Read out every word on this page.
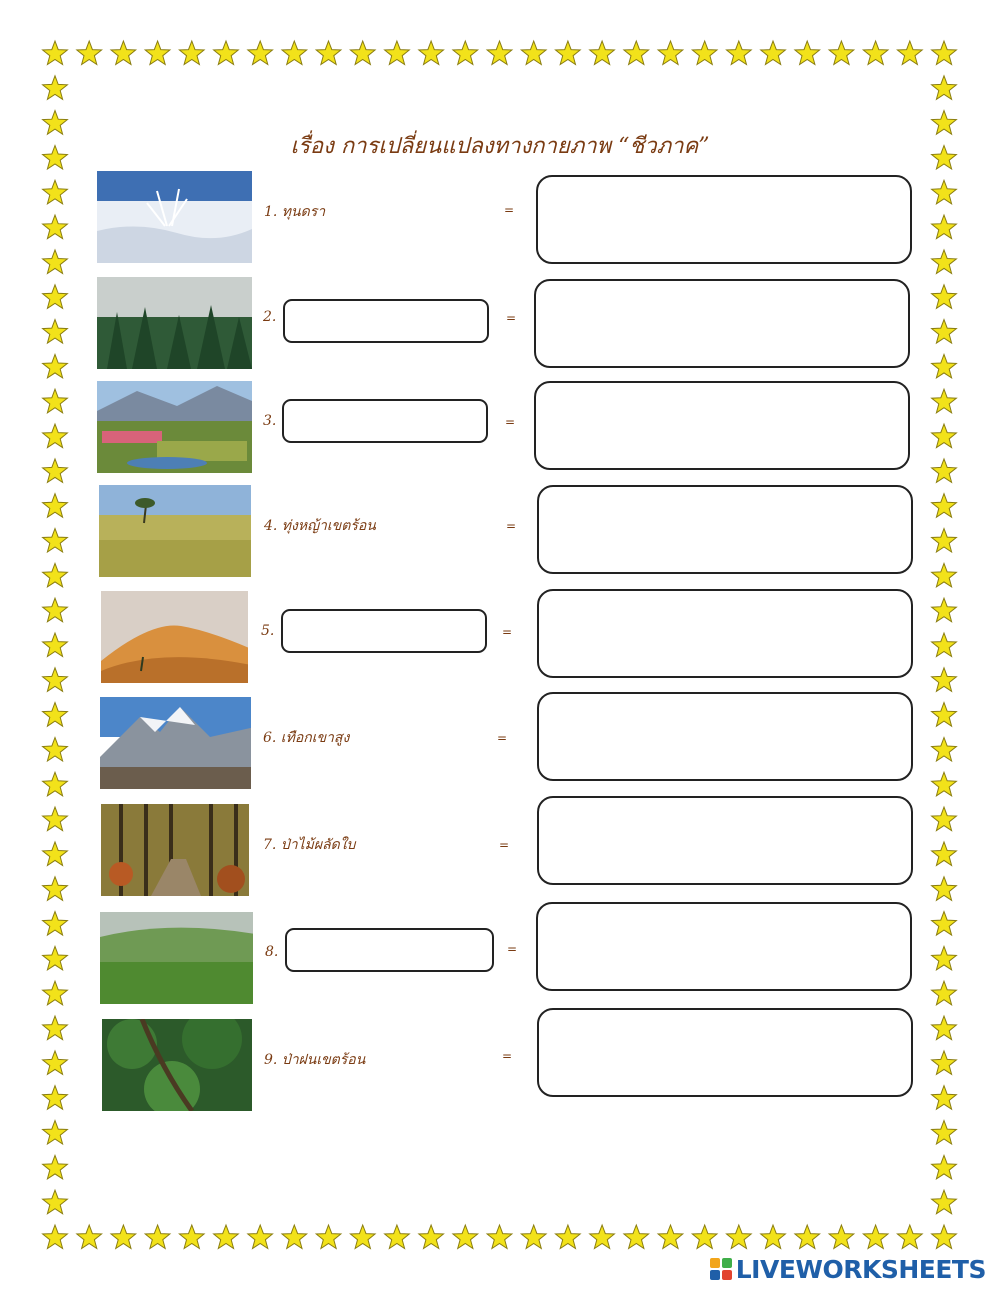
เรื่อง การเปลี่ยนแปลงทางกายภาพ “ชีวภาค”
1. ทุนดรา	=
2.	=
3.	=
4. ทุ่งหญ้าเขตร้อน	=
5.	=
6. เทือกเขาสูง	=
7. ป่าไม้ผลัดใบ	=
8.	=
9. ป่าฝนเขตร้อน	=
LIVEWORKSHEETS
